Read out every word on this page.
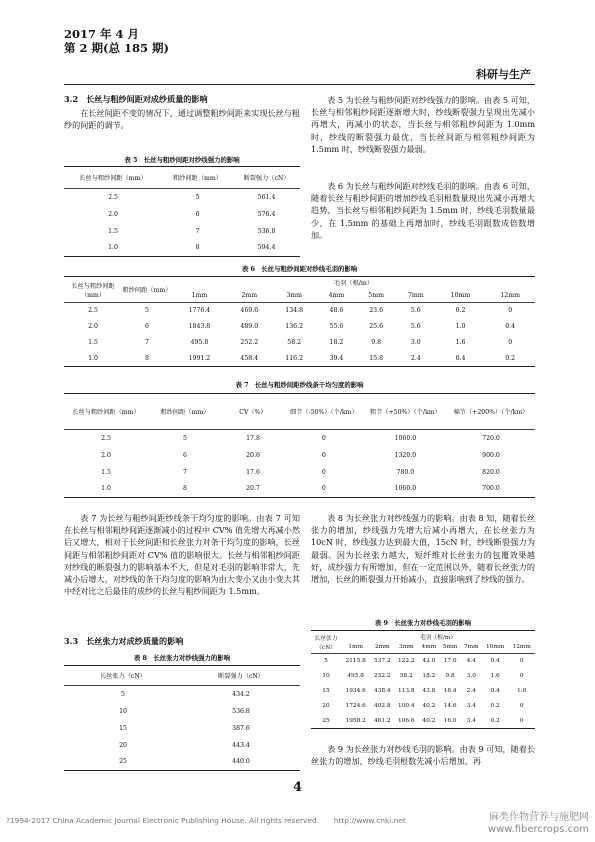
2017 年 4 月
第 2 期(总 185 期)
科研与生产
3.2　长丝与粗纱间距对成纱质量的影响
在长丝间距不变的情况下，通过调整粗纱间距来实现长丝与粗纱的间距的调节。
表 5　长丝与粗纱间距对纱线强力的影响
长丝与粗纱间距（mm）	粗纱间距（mm）	断裂强力（cN）
2.5	5	561.4
2.0	6	576.4
1.5	7	536.8
1.0	8	594.4
表 5 为长丝与粗纱间距对纱线强力的影响。由表 5 可知，长丝与相邻粗纱间距逐渐增大时，纱线断裂强力呈现出先减小再增大，再减小的状态，当长丝与相邻粗纱间距为 1.0mm 时，纱线的断裂强力最优，当长丝间距与相邻粗纱间距为 1.5mm 时，纱线断裂强力最弱。
表 6 为长丝与粗纱间距对纱线毛羽的影响。由表 6 可知，随着长丝与粗纱间距的增加纱线毛羽根数量现出先减小再增大趋势，当长丝与相邻粗纱间距为 1.5mm 时，纱线毛羽数量最少，在 1.5mm 的基础上再增加时，纱线毛羽跟数成倍数增加。
表 6　长丝与粗纱间距对纱线毛羽的影响
长丝与粗纱间距（mm）	粗纱间距（mm）	毛羽（根/m）							
		1mm	2mm	3mm	4mm	5mm	7mm	10mm	12mm
2.5	5	1776.4	469.6	134.8	48.6	23.6	5.6	0.2	0
2.0	6	1843.8	489.0	136.2	55.6	25.6	5.6	1.0	0.4
1.5	7	495.8	252.2	58.2	18.2	9.8	3.0	1.6	0
1.0	8	1991.2	458.4	116.2	39.4	15.8	2.4	0.4	0.2
表 7　长丝与粗纱间距纱线条干均匀度的影响
长丝与粗纱间距（mm）	粗纱间距（mm）	CV（%）	细节（-50%）（个/km）	粗节（+50%）（个/km）	棉节（+200%）（个/km）
2.5	5	17.8	0	1060.0	720.0
2.0	6	20.6	0	1320.0	900.0
1.5	7	17.6	0	780.0	820.0
1.0	8	20.7	0	1060.0	700.0
表 7 为长丝与粗纱间距纱线条干均匀度的影响。由表 7 可知在长丝与相邻粗纱间距逐渐减小的过程中 CV% 值先增大再减小然后又增大，相对于长丝间距和长丝张力对条干均匀度的影响，长丝间距与相邻粗纱间距对 CV% 值的影响很大。长丝与相邻粗纱间距对纱线的断裂强力的影响基本不大，但是对毛羽的影响非常大，先减小后增大，对纱线的条干均匀度的影响为由大变小又由小变大其中经对比之后最佳的成纱的长丝与粗纱间距为 1.5mm。
3.3　长丝张力对成纱质量的影响
表 8　长丝张力对纱线强力的影响
长丝张力（cN）	断裂强力（cN）
5	434.2
10	536.8
15	387.6
20	443.4
25	440.0
表 8 为长丝张力对纱线强力的影响。由表 8 知，随着长丝张力的增加，纱线强力先增大后减小再增大，在长丝张力为 10cN 时，纱线强力达到最大值，15cN 时，纱线断裂强力为最弱。因为长丝张力越大，短纤维对长丝张力的包覆效果越好，成纱强力有所增加，但在一定范围以外，随着长丝张力的增加，长丝的断裂强力开始减小，直接影响到了纱线的强力。
表 9　长丝张力对纱线毛羽的影响
长丝张力（cN）	毛羽（根/m）							
	1mm	2mm	3mm	4mm	5mm	7mm	10mm	12mm
5	2115.8	537.2	122.2	42.0	17.0	4.4	0.4	0
10	495.8	252.2	58.2	18.2	9.8	3.0	1.6	0
15	1934.6	438.4	113.8	43.8	18.4	2.4	0.4	1.0
20	1724.6	402.8	100.4	40.2	14.6	3.4	0.2	0
25	1958.2	461.2	106.6	40.2	16.0	3.4	0.2	0
表 9 为长丝张力对纱线毛羽的影响。由表 9 可知，随着长丝张力的增加，纱线毛羽根数先减小后增加，再
4
?1994-2017 China Academic Journal Electronic Publishing House. All rights reserved.　　http://www.cnki.net	麻类作物营养与施肥网
www.fibercrops.com
